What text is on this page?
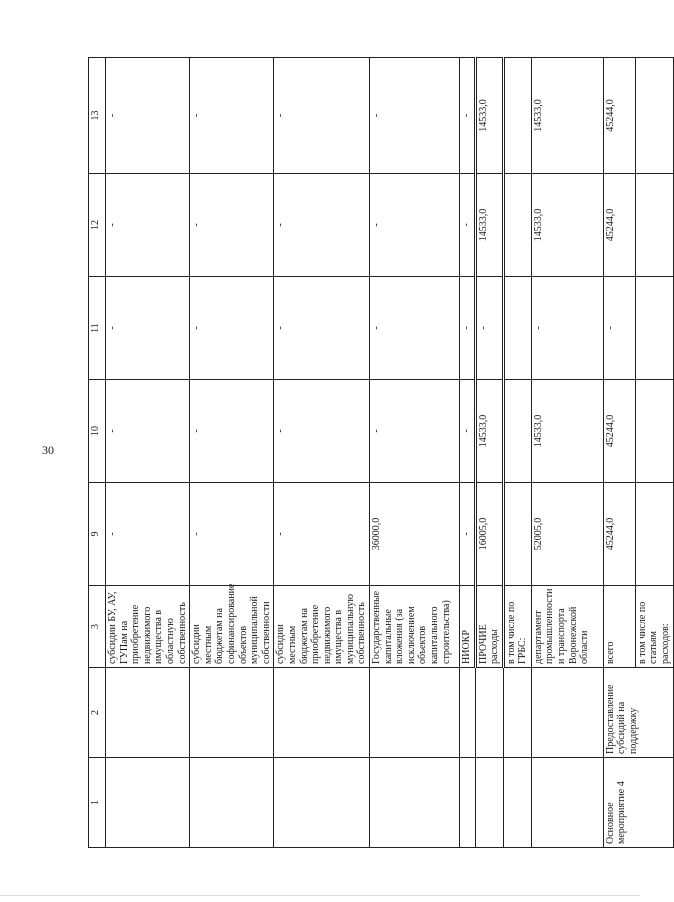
30
1	2	3	9	10	11	12	13
		субсидии БУ, АУ, ГУПам на приобретение недвижимого имущества в областную собственность	-	-	-	-	-
		субсидии местным бюджетам на софинансирование объектов муниципальной собственности	-	-	-	-	-
		субсидии местным бюджетам на приобретение недвижимого имущества в муниципальную собственность	-	-	-	-	-
		Государственные капитальные вложения (за исключением объектов капитального строительства)	36000,0	-	-	-	-
		НИОКР	-	-	-	-	-
		ПРОЧИЕ расходы	16005,0	14533,0	-	14533,0	14533,0
		в том числе по ГРБС:					
		департамент промышленности и транспорта Воронежской области	52005,0	14533,0	-	14533,0	14533,0
Основное мероприятие 4	Предоставление субсидий на поддержку	всего	45244,0	45244,0	-	45244,0	45244,0
		в том числе по статьям расходов:					
